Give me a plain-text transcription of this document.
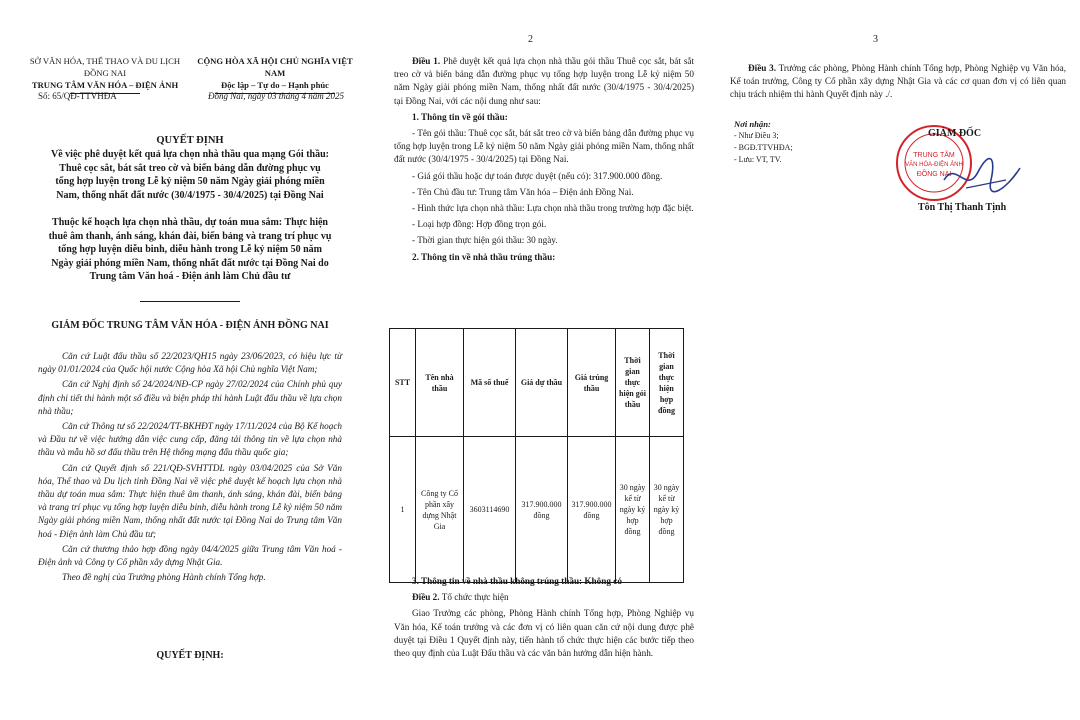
SỞ VĂN HÓA, THỂ THAO VÀ DU LỊCH ĐỒNG NAI
TRUNG TÂM VĂN HÓA – ĐIỆN ẢNH
CỘNG HÒA XÃ HỘI CHỦ NGHĨA VIỆT NAM
Độc lập – Tự do – Hạnh phúc
Số: 65/QĐ-TTVHĐA	Đồng Nai, ngày 03 tháng 4 năm 2025
QUYẾT ĐỊNH
Về việc phê duyệt kết quả lựa chọn nhà thầu qua mạng Gói thầu: Thuê cọc sắt, bát sắt treo cờ và biển bảng dẫn đường phục vụ tổng hợp luyện trong Lễ kỷ niệm 50 năm Ngày giải phóng miền Nam, thống nhất đất nước (30/4/1975 - 30/4/2025) tại Đồng Nai
Thuộc kế hoạch lựa chọn nhà thầu, dự toán mua sắm: Thực hiện thuê âm thanh, ánh sáng, khán đài, biển bảng và trang trí phục vụ tổng hợp luyện diễu binh, diễu hành trong Lễ kỷ niệm 50 năm Ngày giải phóng miền Nam, thống nhất đất nước tại Đồng Nai do Trung tâm Văn hoá - Điện ảnh làm Chủ đầu tư
GIÁM ĐỐC TRUNG TÂM VĂN HÓA - ĐIỆN ẢNH ĐỒNG NAI

Căn cứ Luật đấu thầu số 22/2023/QH15 ngày 23/06/2023, có hiệu lực từ ngày 01/01/2024 của Quốc hội nước Cộng hòa Xã hội Chủ nghĩa Việt Nam;

Căn cứ Nghị định số 24/2024/NĐ-CP ngày 27/02/2024 của Chính phủ quy định chi tiết thi hành một số điều và biện pháp thi hành Luật đấu thầu về lựa chọn nhà thầu;

Căn cứ Thông tư số 22/2024/TT-BKHĐT ngày 17/11/2024 của Bộ Kế hoạch và Đầu tư về việc hướng dẫn việc cung cấp, đăng tải thông tin về lựa chọn nhà thầu và mẫu hồ sơ đấu thầu trên Hệ thống mạng đấu thầu quốc gia;

Căn cứ Quyết định số 221/QĐ-SVHTTDL ngày 03/04/2025 của Sở Văn hóa, Thể thao và Du lịch tỉnh Đồng Nai về việc phê duyệt kế hoạch lựa chọn nhà thầu dự toán mua sắm: Thực hiện thuê âm thanh, ánh sáng, khán đài, biển bảng và trang trí phục vụ tổng hợp luyện diễu binh, diễu hành trong Lễ kỷ niệm 50 năm Ngày giải phóng miền Nam, thống nhất đất nước tại Đồng Nai do Trung tâm Văn hoá - Điện ảnh làm Chủ đầu tư;

Căn cứ thương thảo hợp đồng ngày 04/4/2025 giữa Trung tâm Văn hoá - Điện ảnh và Công ty Cổ phần xây dựng Nhật Gia.

Theo đề nghị của Trưởng phòng Hành chính Tổng hợp.

QUYẾT ĐỊNH:
2

Điều 1. Phê duyệt kết quả lựa chọn nhà thầu gói thầu Thuê cọc sắt, bát sắt treo cờ và biển bảng dẫn đường phục vụ tổng hợp luyện trong Lễ kỷ niệm 50 năm Ngày giải phóng miền Nam, thống nhất đất nước (30/4/1975 - 30/4/2025) tại Đồng Nai, với các nội dung như sau:

1. Thông tin về gói thầu:

- Tên gói thầu: Thuê cọc sắt, bát sắt treo cờ và biển bảng dẫn đường phục vụ tổng hợp luyện trong Lễ kỷ niệm 50 năm Ngày giải phóng miền Nam, thống nhất đất nước (30/4/1975 - 30/4/2025) tại Đồng Nai.

- Giá gói thầu hoặc dự toán được duyệt (nếu có): 317.900.000 đồng.

- Tên Chủ đầu tư: Trung tâm Văn hóa – Điện ảnh Đồng Nai.

- Hình thức lựa chọn nhà thầu: Lựa chọn nhà thầu trong trường hợp đặc biệt.

- Loại hợp đồng: Hợp đồng trọn gói.

- Thời gian thực hiện gói thầu: 30 ngày.

2. Thông tin về nhà thầu trúng thầu:

STT	Tên nhà thầu	Mã số thuế	Giá dự thầu	Giá trúng thầu	Thời gian thực hiện gói thầu	Thời gian thực hiện hợp đồng
1	Công ty Cổ phần xây dựng Nhật Gia	3603114690	317.900.000 đồng	317.900.000 đồng	30 ngày kể từ ngày ký hợp đồng	30 ngày kể từ ngày ký hợp đồng

3. Thông tin về nhà thầu không trúng thầu: Không có

Điều 2. Tổ chức thực hiện

Giao Trưởng các phòng, Phòng Hành chính Tổng hợp, Phòng Nghiệp vụ Văn hóa, Kế toán trưởng và các đơn vị có liên quan căn cứ nội dung được phê duyệt tại Điều 1 Quyết định này, tiến hành tổ chức thực hiện các bước tiếp theo theo quy định của Luật Đấu thầu và các văn bản hướng dẫn hiện hành.

3

Điều 3. Trưởng các phòng, Phòng Hành chính Tổng hợp, Phòng Nghiệp vụ Văn hóa, Kế toán trưởng, Công ty Cổ phần xây dựng Nhật Gia và các cơ quan đơn vị có liên quan chịu trách nhiệm thi hành Quyết định này ./.

Nơi nhận:
- Như Điều 3;
- BGĐ.TTVHĐA;
- Lưu: VT, TV.	TRUNG TÂM
VĂN HÓA-ĐIỆN ẢNH
ĐỒNG NAI
GIÁM ĐỐC
Tôn Thị Thanh Tịnh
